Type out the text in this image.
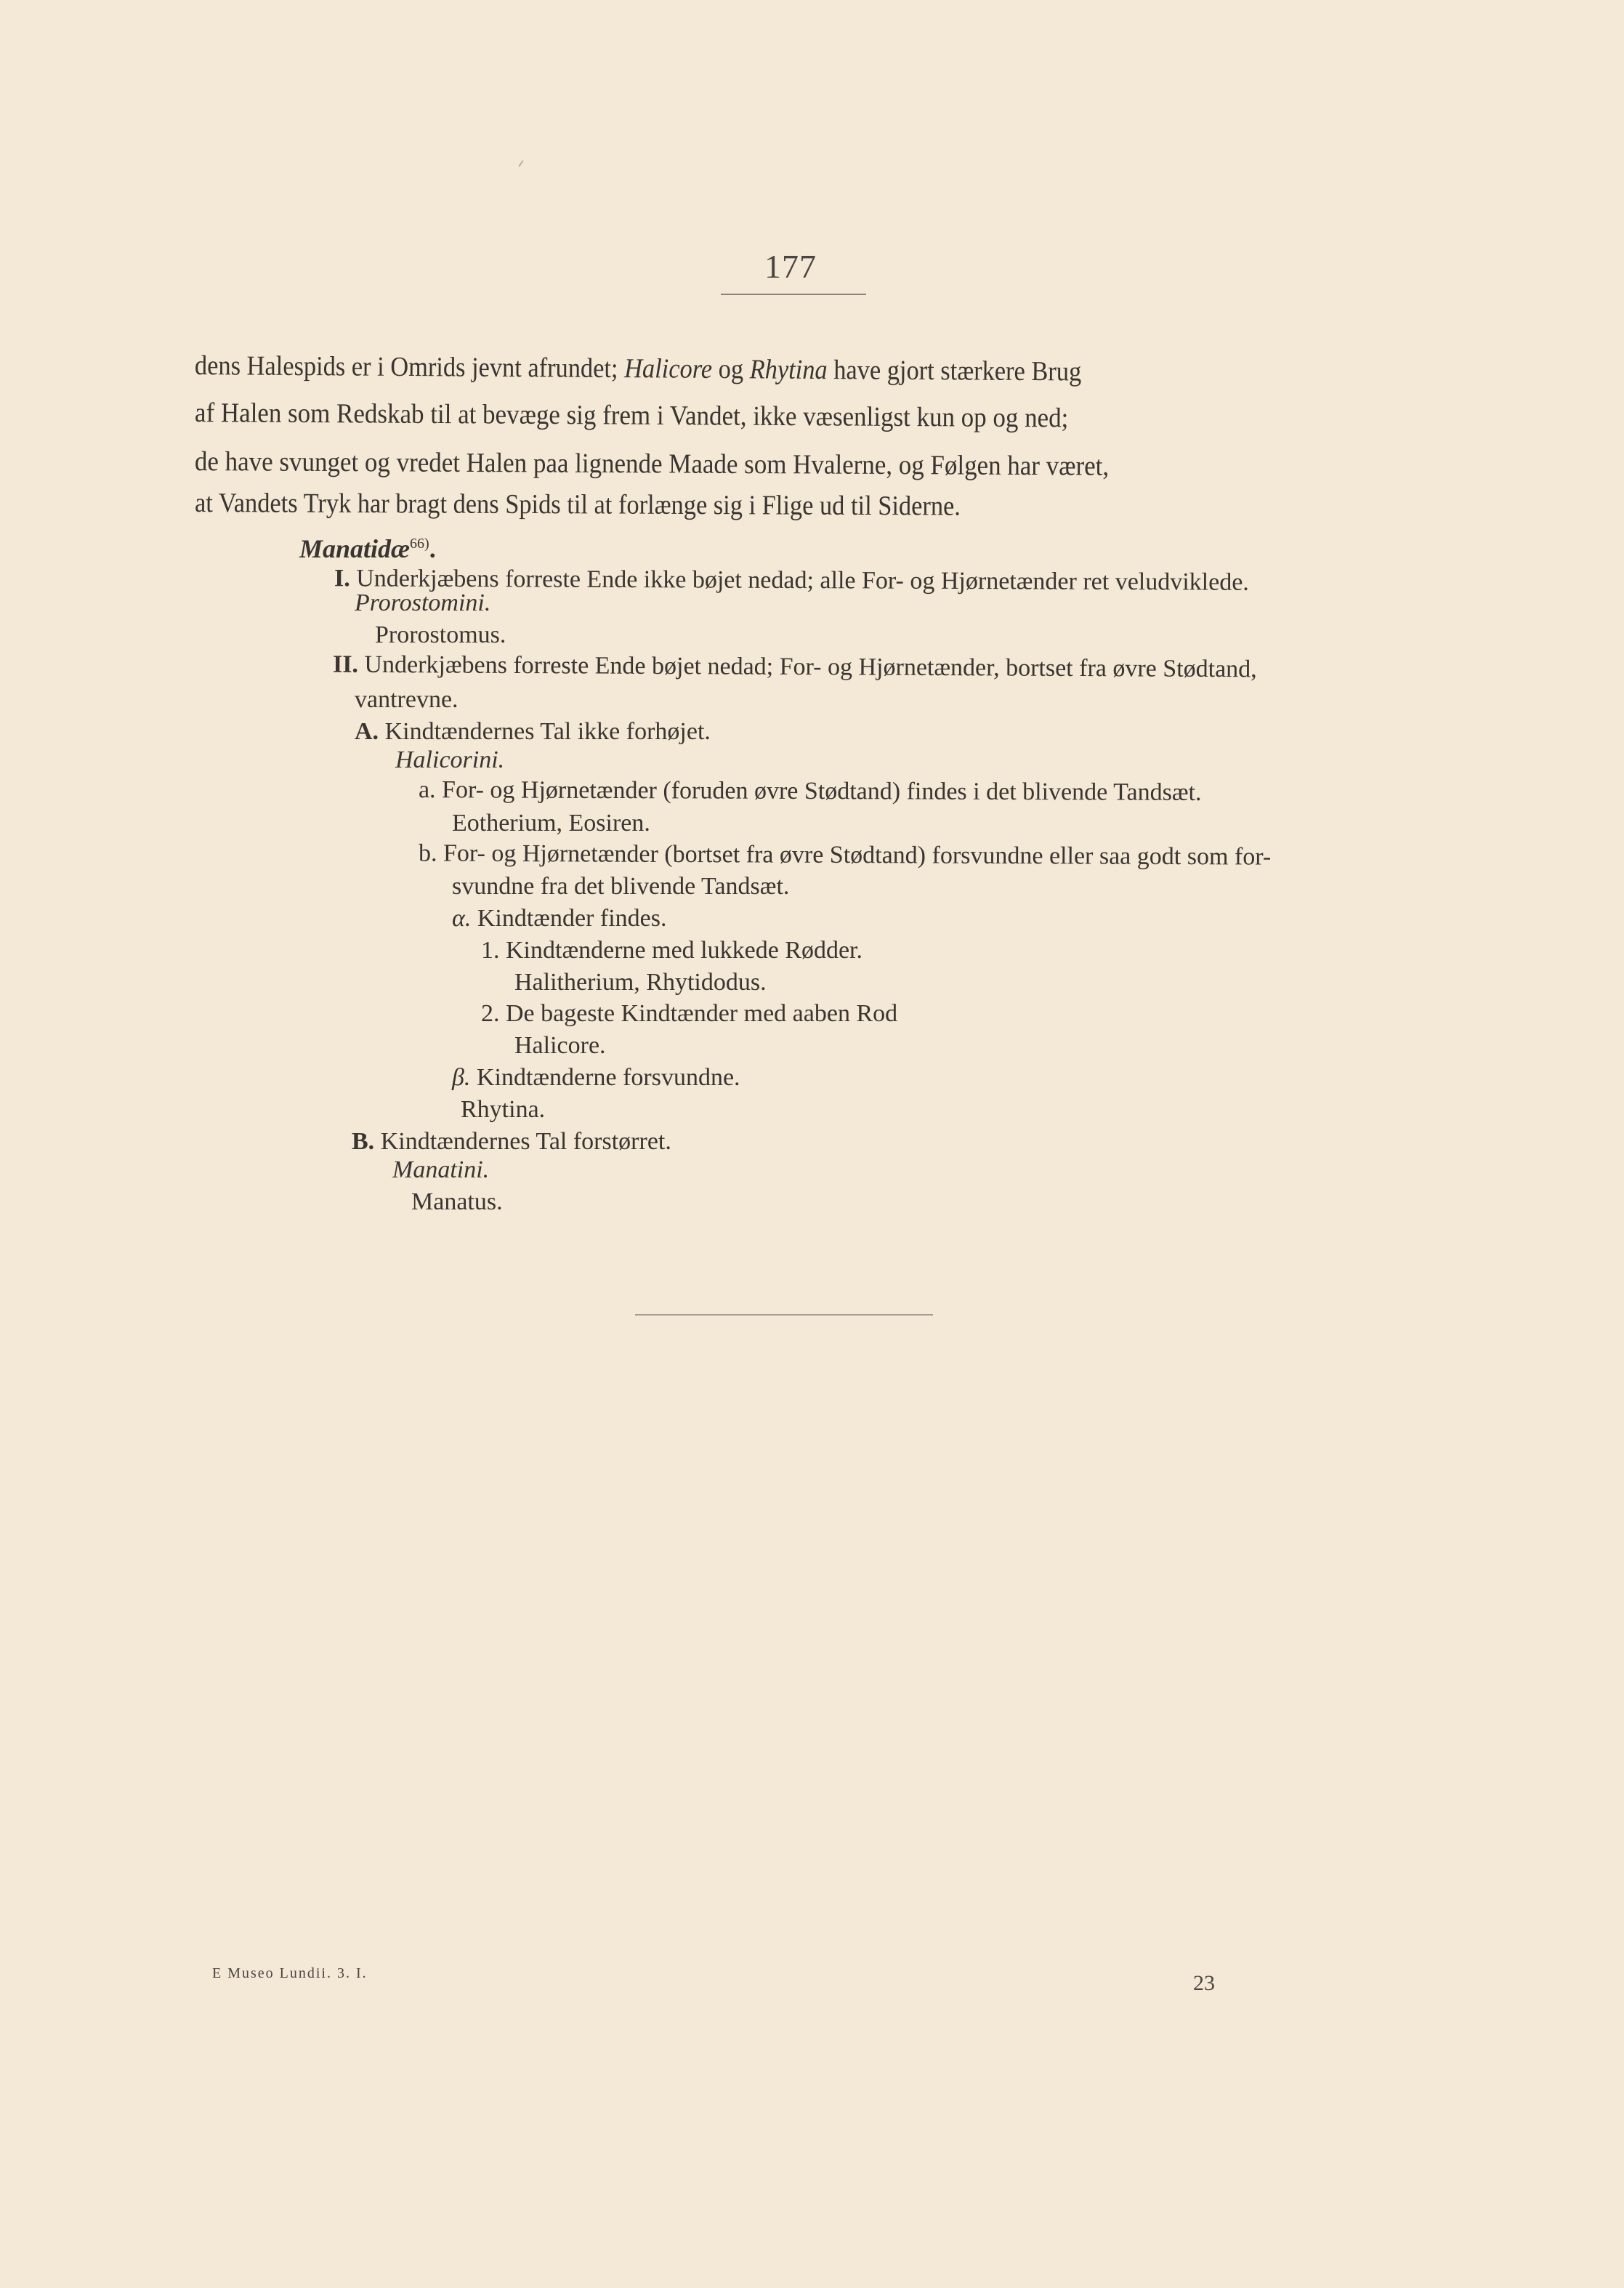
177
dens Halespids er i Omrids jevnt afrundet; Halicore og Rhytina have gjort stærkere Brug
af Halen som Redskab til at bevæge sig frem i Vandet, ikke væsenligst kun op og ned;
de have svunget og vredet Halen paa lignende Maade som Hvalerne, og Følgen har været,
at Vandets Tryk har bragt dens Spids til at forlænge sig i Flige ud til Siderne.
Manatidæ$^{66)}$.
I. Underkjæbens forreste Ende ikke bøjet nedad; alle For- og Hjørnetænder ret veludviklede.
Prorostomini.
Prorostomus.
II. Underkjæbens forreste Ende bøjet nedad; For- og Hjørnetænder, bortset fra øvre Stødtand,
vantrevne.
A. Kindtændernes Tal ikke forhøjet.
Halicorini.
a. For- og Hjørnetænder (foruden øvre Stødtand) findes i det blivende Tandsæt.
Eotherium, Eosiren.
b. For- og Hjørnetænder (bortset fra øvre Stødtand) forsvundne eller saa godt som for-
svundne fra det blivende Tandsæt.
α. Kindtænder findes.
1. Kindtænderne med lukkede Rødder.
Halitherium, Rhytidodus.
2. De bageste Kindtænder med aaben Rod
Halicore.
β. Kindtænderne forsvundne.
Rhytina.
B. Kindtændernes Tal forstørret.
Manatini.
Manatus.
E Museo Lundii. 3. I.	23
